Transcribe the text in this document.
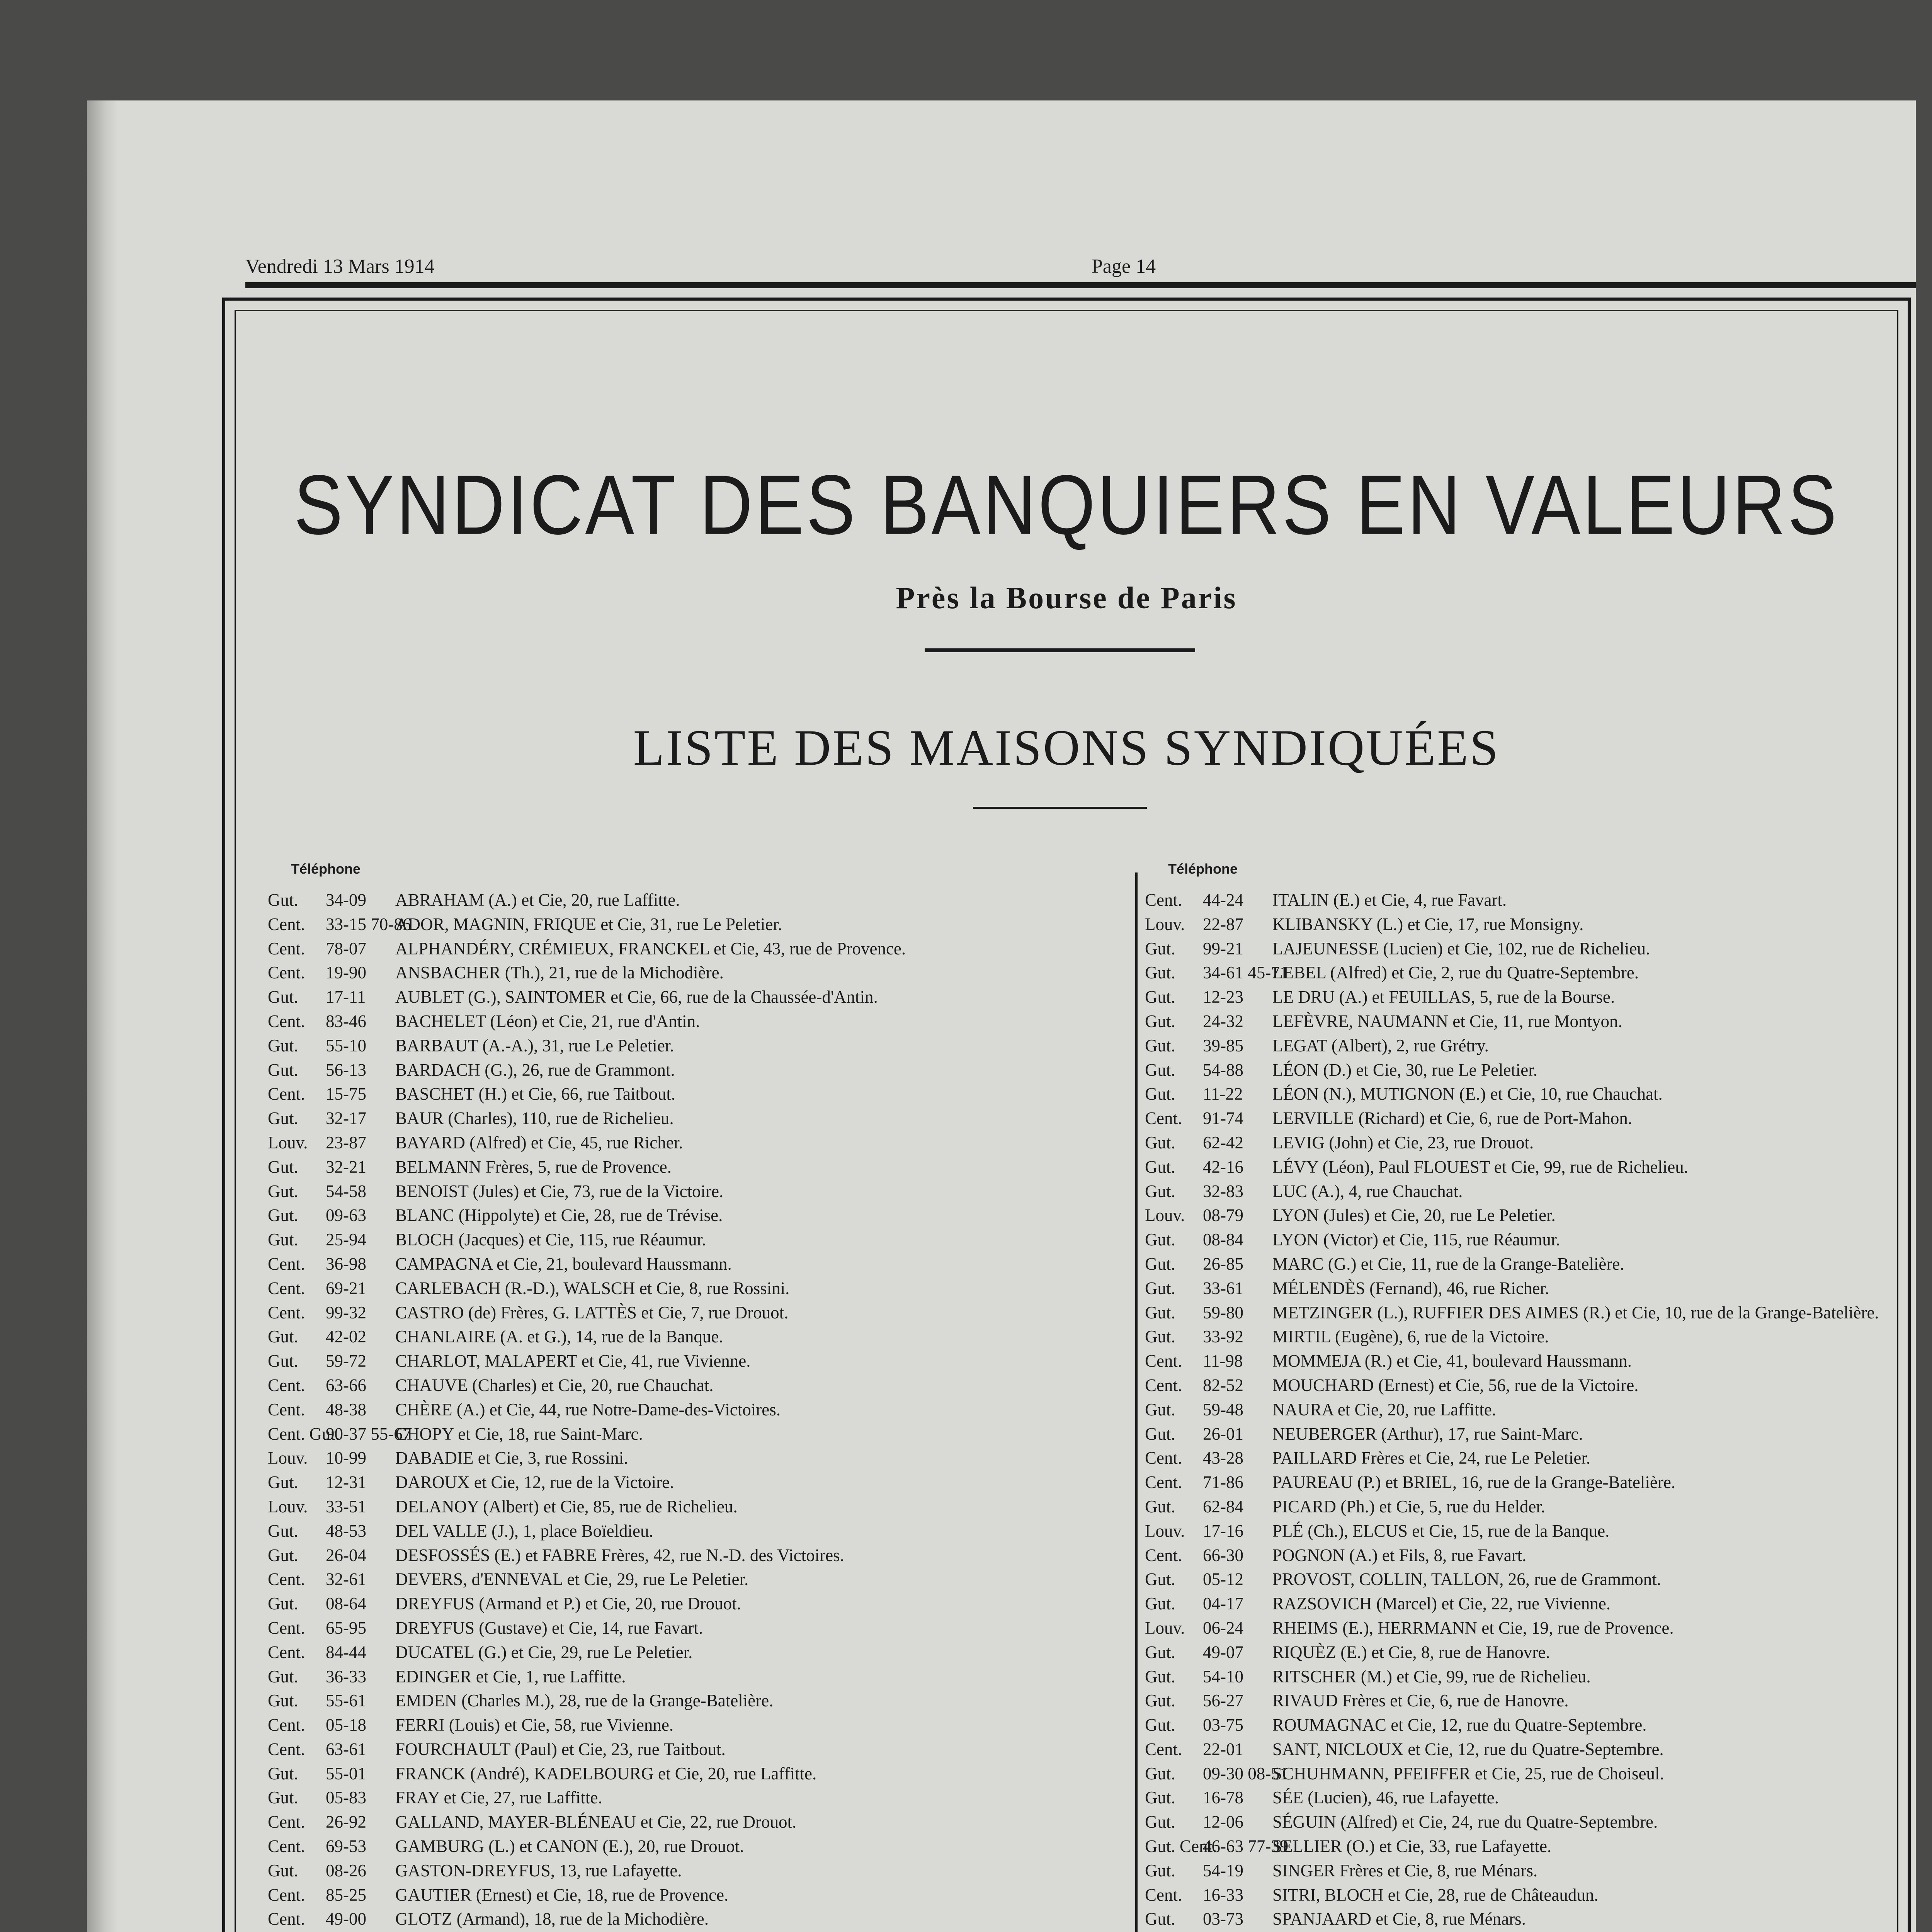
Vendredi 13 Mars 1914	Page 14
SYNDICAT DES BANQUIERS EN VALEURS
Près la Bourse de Paris
LISTE DES MAISONS SYNDIQUÉES
Téléphone	Téléphone
Gut. 34-09 ABRAHAM (A.) et Cie, 20, rue Laffitte.
Cent. 33-15 70-86
ADOR, MAGNIN, FRIQUE et Cie, 31, rue Le Peletier.
Cent. 78-07 ALPHANDÉRY, CRÉMIEUX, FRANCKEL et Cie, 43, rue de Provence.
Cent. 19-90 ANSBACHER (Th.), 21, rue de la Michodière.
Gut. 17-11 AUBLET (G.), SAINTOMER et Cie, 66, rue de la Chaussée-d'Antin.
Cent. 83-46 BACHELET (Léon) et Cie, 21, rue d'Antin.
Gut. 55-10 BARBAUT (A.-A.), 31, rue Le Peletier.
Gut. 56-13 BARDACH (G.), 26, rue de Grammont.
Cent. 15-75 BASCHET (H.) et Cie, 66, rue Taitbout.
Gut. 32-17 BAUR (Charles), 110, rue de Richelieu.
Louv. 23-87 BAYARD (Alfred) et Cie, 45, rue Richer.
Gut. 32-21 BELMANN Frères, 5, rue de Provence.
Gut. 54-58 BENOIST (Jules) et Cie, 73, rue de la Victoire.
Gut. 09-63 BLANC (Hippolyte) et Cie, 28, rue de Trévise.
Gut. 25-94 BLOCH (Jacques) et Cie, 115, rue Réaumur.
Cent. 36-98 CAMPAGNA et Cie, 21, boulevard Haussmann.
Cent. 69-21 CARLEBACH (R.-D.), WALSCH et Cie, 8, rue Rossini.
Cent. 99-32 CASTRO (de) Frères, G. LATTÈS et Cie, 7, rue Drouot.
Gut. 42-02 CHANLAIRE (A. et G.), 14, rue de la Banque.
Gut. 59-72 CHARLOT, MALAPERT et Cie, 41, rue Vivienne.
Cent. 63-66 CHAUVE (Charles) et Cie, 20, rue Chauchat.
Cent. 48-38 CHÈRE (A.) et Cie, 44, rue Notre-Dame-des-Victoires.
Cent. Gut.
90-37 55-67
CHOPY et Cie, 18, rue Saint-Marc.
Louv. 10-99 DABADIE et Cie, 3, rue Rossini.
Gut. 12-31 DAROUX et Cie, 12, rue de la Victoire.
Louv. 33-51 DELANOY (Albert) et Cie, 85, rue de Richelieu.
Gut. 48-53 DEL VALLE (J.), 1, place Boïeldieu.
Gut. 26-04 DESFOSSÉS (E.) et FABRE Frères, 42, rue N.-D. des Victoires.
Cent. 32-61 DEVERS, d'ENNEVAL et Cie, 29, rue Le Peletier.
Gut. 08-64 DREYFUS (Armand et P.) et Cie, 20, rue Drouot.
Cent. 65-95 DREYFUS (Gustave) et Cie, 14, rue Favart.
Cent. 84-44 DUCATEL (G.) et Cie, 29, rue Le Peletier.
Gut. 36-33 EDINGER et Cie, 1, rue Laffitte.
Gut. 55-61 EMDEN (Charles M.), 28, rue de la Grange-Batelière.
Cent. 05-18 FERRI (Louis) et Cie, 58, rue Vivienne.
Cent. 63-61 FOURCHAULT (Paul) et Cie, 23, rue Taitbout.
Gut. 55-01 FRANCK (André), KADELBOURG et Cie, 20, rue Laffitte.
Gut. 05-83 FRAY et Cie, 27, rue Laffitte.
Cent. 26-92 GALLAND, MAYER-BLÉNEAU et Cie, 22, rue Drouot.
Cent. 69-53 GAMBURG (L.) et CANON (E.), 20, rue Drouot.
Gut. 08-26 GASTON-DREYFUS, 13, rue Lafayette.
Cent. 85-25 GAUTIER (Ernest) et Cie, 18, rue de Provence.
Cent. 49-00 GLOTZ (Armand), 18, rue de la Michodière.
Cent. 44-24 ITALIN (E.) et Cie, 4, rue Favart.
Louv. 22-87 KLIBANSKY (L.) et Cie, 17, rue Monsigny.
Gut. 99-21 LAJEUNESSE (Lucien) et Cie, 102, rue de Richelieu.
Gut. 34-61 45-71
LEBEL (Alfred) et Cie, 2, rue du Quatre-Septembre.
Gut. 12-23 LE DRU (A.) et FEUILLAS, 5, rue de la Bourse.
Gut. 24-32 LEFÈVRE, NAUMANN et Cie, 11, rue Montyon.
Gut. 39-85 LEGAT (Albert), 2, rue Grétry.
Gut. 54-88 LÉON (D.) et Cie, 30, rue Le Peletier.
Gut. 11-22 LÉON (N.), MUTIGNON (E.) et Cie, 10, rue Chauchat.
Cent. 91-74 LERVILLE (Richard) et Cie, 6, rue de Port-Mahon.
Gut. 62-42 LEVIG (John) et Cie, 23, rue Drouot.
Gut. 42-16 LÉVY (Léon), Paul FLOUEST et Cie, 99, rue de Richelieu.
Gut. 32-83 LUC (A.), 4, rue Chauchat.
Louv. 08-79 LYON (Jules) et Cie, 20, rue Le Peletier.
Gut. 08-84 LYON (Victor) et Cie, 115, rue Réaumur.
Gut. 26-85 MARC (G.) et Cie, 11, rue de la Grange-Batelière.
Gut. 33-61 MÉLENDÈS (Fernand), 46, rue Richer.
Gut. 59-80 METZINGER (L.), RUFFIER DES AIMES (R.) et Cie, 10, rue de la Grange-Batelière.
Gut. 33-92 MIRTIL (Eugène), 6, rue de la Victoire.
Cent. 11-98 MOMMEJA (R.) et Cie, 41, boulevard Haussmann.
Cent. 82-52 MOUCHARD (Ernest) et Cie, 56, rue de la Victoire.
Gut. 59-48 NAURA et Cie, 20, rue Laffitte.
Gut. 26-01 NEUBERGER (Arthur), 17, rue Saint-Marc.
Cent. 43-28 PAILLARD Frères et Cie, 24, rue Le Peletier.
Cent. 71-86 PAUREAU (P.) et BRIEL, 16, rue de la Grange-Batelière.
Gut. 62-84 PICARD (Ph.) et Cie, 5, rue du Helder.
Louv. 17-16 PLÉ (Ch.), ELCUS et Cie, 15, rue de la Banque.
Cent. 66-30 POGNON (A.) et Fils, 8, rue Favart.
Gut. 05-12 PROVOST, COLLIN, TALLON, 26, rue de Grammont.
Gut. 04-17 RAZSOVICH (Marcel) et Cie, 22, rue Vivienne.
Louv. 06-24 RHEIMS (E.), HERRMANN et Cie, 19, rue de Provence.
Gut. 49-07 RIQUÈZ (E.) et Cie, 8, rue de Hanovre.
Gut. 54-10 RITSCHER (M.) et Cie, 99, rue de Richelieu.
Gut. 56-27 RIVAUD Frères et Cie, 6, rue de Hanovre.
Gut. 03-75 ROUMAGNAC et Cie, 12, rue du Quatre-Septembre.
Cent. 22-01 SANT, NICLOUX et Cie, 12, rue du Quatre-Septembre.
Gut. 09-30 08-51
SCHUHMANN, PFEIFFER et Cie, 25, rue de Choiseul.
Gut. 16-78 SÉE (Lucien), 46, rue Lafayette.
Gut. 12-06 SÉGUIN (Alfred) et Cie, 24, rue du Quatre-Septembre.
Gut. Cent.
46-63 77-39
SELLIER (O.) et Cie, 33, rue Lafayette.
Gut. 54-19 SINGER Frères et Cie, 8, rue Ménars.
Cent. 16-33 SITRI, BLOCH et Cie, 28, rue de Châteaudun.
Gut. 03-73 SPANJAARD et Cie, 8, rue Ménars.
